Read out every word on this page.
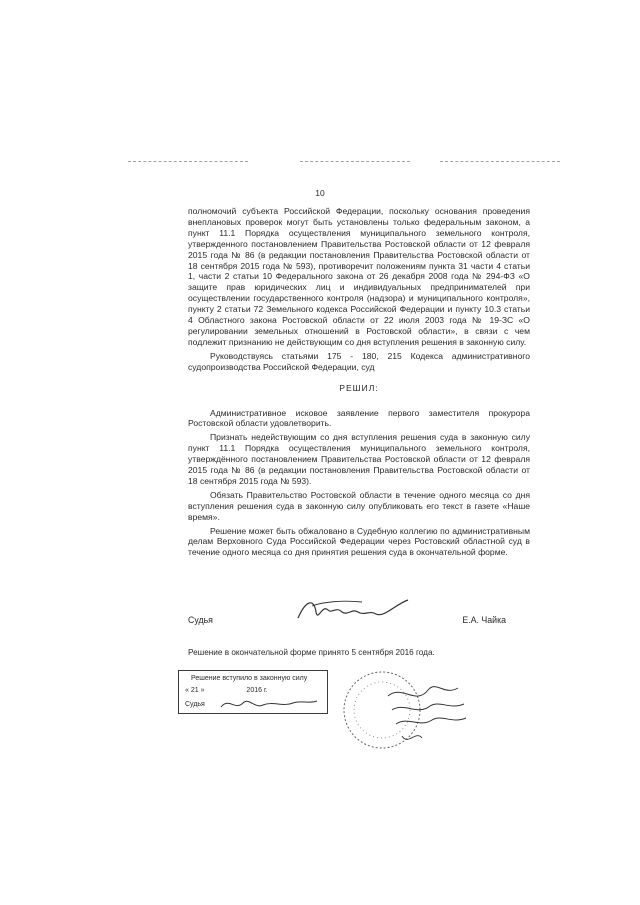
10

полномочий субъекта Российской Федерации, поскольку основания проведения внеплановых проверок могут быть установлены только федеральным законом, а пункт 11.1 Порядка осуществления муниципального земельного контроля, утвержденного постановлением Правительства Ростовской области от 12 февраля 2015 года № 86 (в редакции постановления Правительства Ростовской области от 18 сентября 2015 года № 593), противоречит положениям пункта 31 части 4 статьи 1, части 2 статьи 10 Федерального закона от 26 декабря 2008 года № 294-ФЗ «О защите прав юридических лиц и индивидуальных предпринимателей при осуществлении государственного контроля (надзора) и муниципального контроля», пункту 2 статьи 72 Земельного кодекса Российской Федерации и пункту 10.3 статьи 4 Областного закона Ростовской области от 22 июля 2003 года № 19-ЗС «О регулировании земельных отношений в Ростовской области», в связи с чем подлежит признанию не действующим со дня вступления решения в законную силу.

Руководствуясь статьями 175 - 180, 215 Кодекса административного судопроизводства Российской Федерации, суд

РЕШИЛ:

Административное исковое заявление первого заместителя прокурора Ростовской области удовлетворить.

Признать недействующим со дня вступления решения суда в законную силу пункт 11.1 Порядка осуществления муниципального земельного контроля, утверждённого постановлением Правительства Ростовской области от 12 февраля 2015 года № 86 (в редакции постановления Правительства Ростовской области от 18 сентября 2015 года № 593).

Обязать Правительство Ростовской области в течение одного месяца со дня вступления решения суда в законную силу опубликовать его текст в газете «Наше время».

Решение может быть обжаловано в Судебную коллегию по административным делам Верховного Суда Российской Федерации через Ростовский областной суд в течение одного месяца со дня принятия решения суда в окончательной форме.

Судья	Е.А. Чайка
Решение в окончательной форме принято 5 сентября 2016 года.
Решение вступило в законную силу
« 21 »	2016 г.
Судья
